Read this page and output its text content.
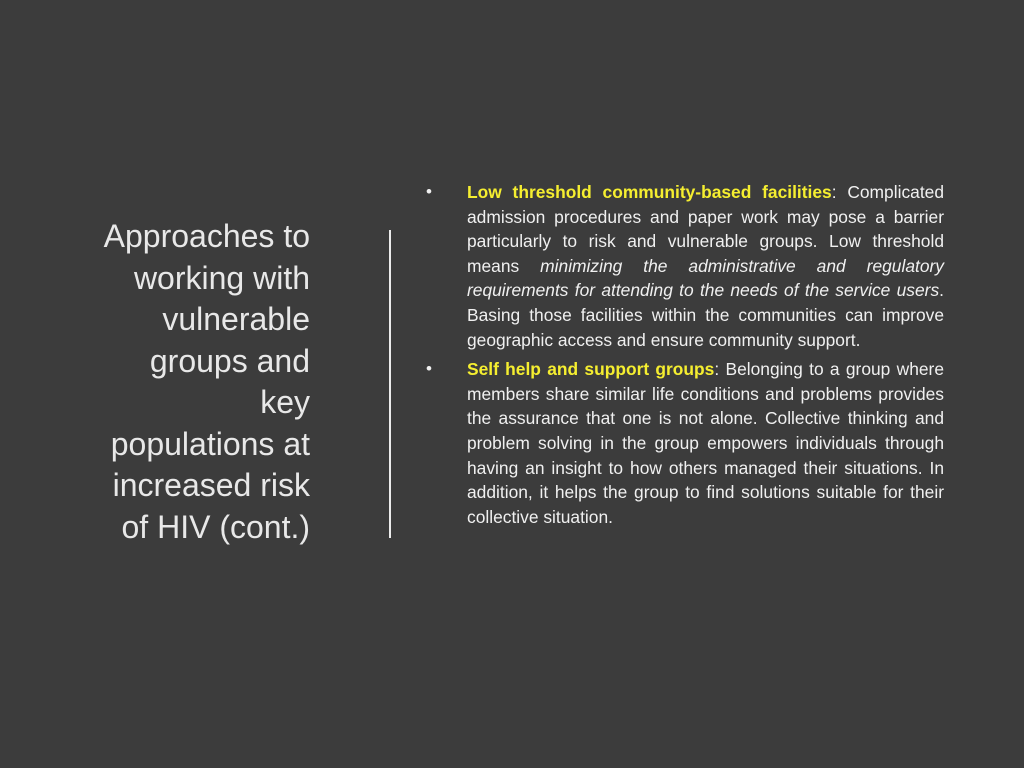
Approaches to
working with
vulnerable
groups and
key
populations at
increased risk
of HIV (cont.)
• Low threshold community-based facilities: Complicated admission procedures and paper work may pose a barrier particularly to risk and vulnerable groups. Low threshold means minimizing the administrative and regulatory requirements for attending to the needs of the service users. Basing those facilities within the communities can improve geographic access and ensure community support.
• Self help and support groups: Belonging to a group where members share similar life conditions and problems provides the assurance that one is not alone. Collective thinking and problem solving in the group empowers individuals through having an insight to how others managed their situations. In addition, it helps the group to find solutions suitable for their collective situation.
